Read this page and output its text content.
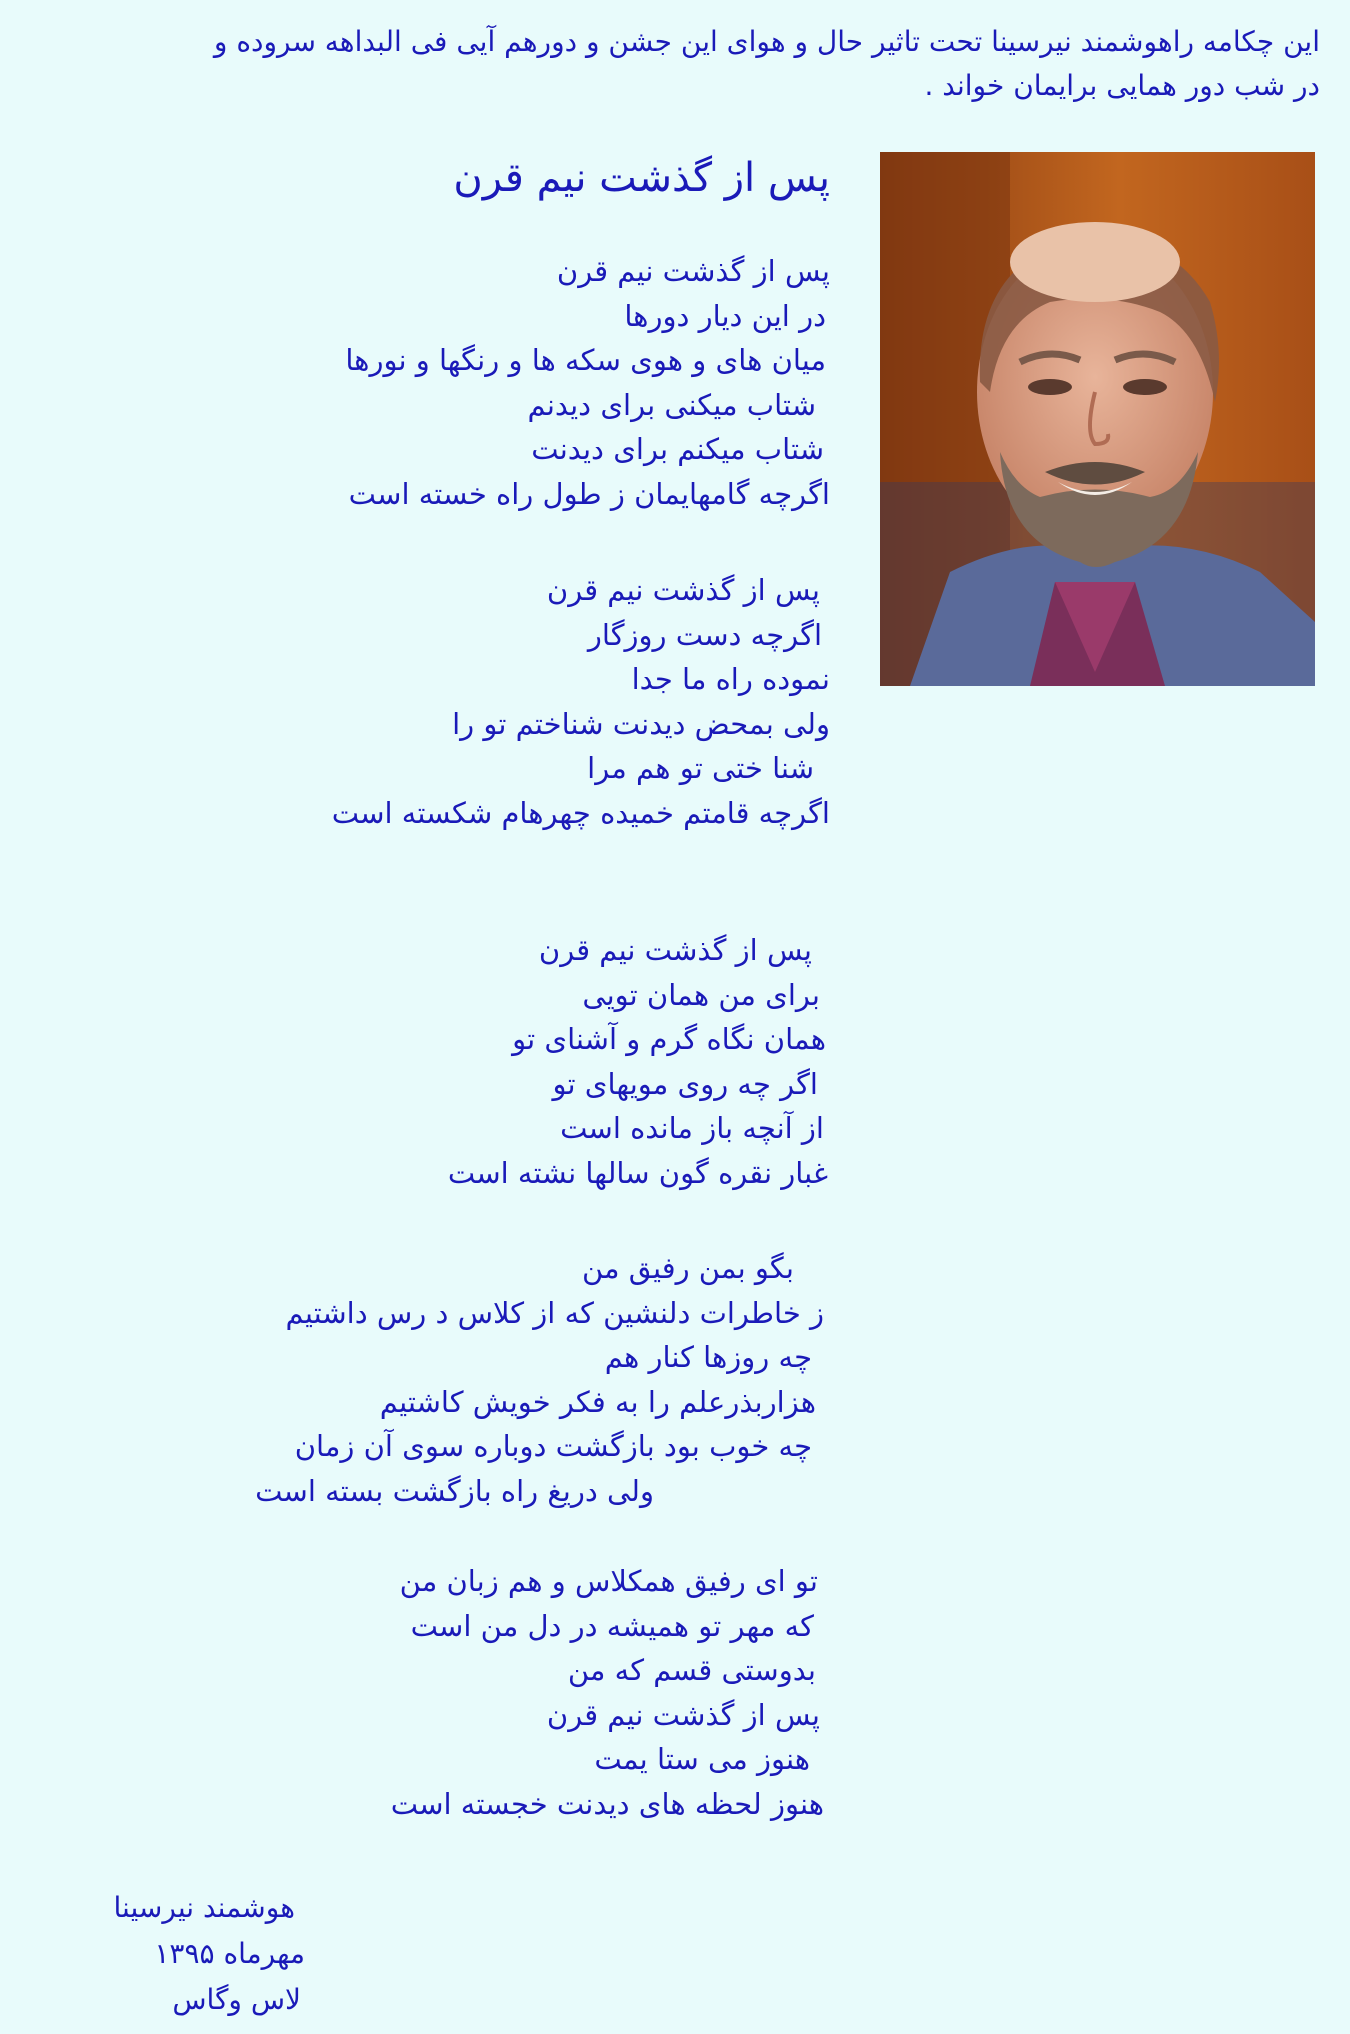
این چکامه راهوشمند نیرسینا تحت تاثیر حال و هوای این جشن و دورهم آیی فی البداهه سروده و
در شب دور همایی برایمان خواند .
پس از گذشت نیم قرن
پس از گذشت نیم قرن
در این دیار دورها
میان های و هوی سکه ها و رنگها و نورها
شتاب میکنی برای دیدنم
شتاب میکنم برای دیدنت
اگرچه گامهایمان ز طول راه خسته است
پس از گذشت نیم قرن
اگرچه دست روزگار
نموده راه ما جدا
ولی بمحض دیدنت شناختم تو را
شنا ختی تو هم مرا
اگرچه قامتم خمیده چهرهام شکسته است
پس از گذشت نیم قرن
برای من همان تویی
همان نگاه گرم و آشنای تو
اگر چه روی مویهای تو
از آنچه باز مانده است
غبار نقره گون سالها نشته است
بگو بمن رفیق من
ز خاطرات دلنشین که از کلاس د رس داشتیم
چه روزها کنار هم
هزاربذرعلم را به فکر خویش کاشتیم
چه خوب بود بازگشت دوباره سوی آن زمان
ولی دریغ راه بازگشت بسته است
تو ای رفیق همکلاس و هم زبان من
که مهر تو همیشه در دل من است
بدوستی قسم که من
پس از گذشت نیم قرن
هنوز می ستا یمت
هنوز لحظه های دیدنت خجسته است
هوشمند نیرسینا
مهرماه ۱۳۹۵
لاس وگاس
